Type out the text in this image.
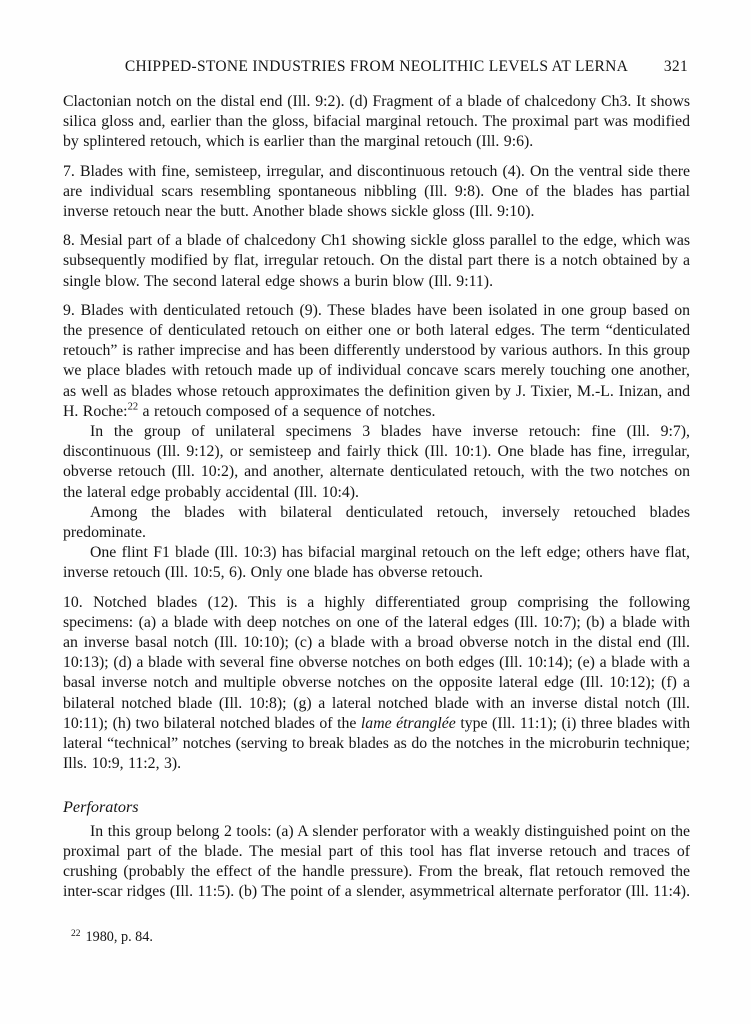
CHIPPED-STONE INDUSTRIES FROM NEOLITHIC LEVELS AT LERNA 321

Clactonian notch on the distal end (Ill. 9:2). (d) Fragment of a blade of chalcedony Ch3. It shows silica gloss and, earlier than the gloss, bifacial marginal retouch. The proximal part was modified by splintered retouch, which is earlier than the marginal retouch (Ill. 9:6).

7. Blades with fine, semisteep, irregular, and discontinuous retouch (4). On the ventral side there are individual scars resembling spontaneous nibbling (Ill. 9:8). One of the blades has partial inverse retouch near the butt. Another blade shows sickle gloss (Ill. 9:10).

8. Mesial part of a blade of chalcedony Ch1 showing sickle gloss parallel to the edge, which was subsequently modified by flat, irregular retouch. On the distal part there is a notch obtained by a single blow. The second lateral edge shows a burin blow (Ill. 9:11).

9. Blades with denticulated retouch (9). These blades have been isolated in one group based on the presence of denticulated retouch on either one or both lateral edges. The term “denticulated retouch” is rather imprecise and has been differently understood by various authors. In this group we place blades with retouch made up of individual concave scars merely touching one another, as well as blades whose retouch approximates the definition given by J. Tixier, M.-L. Inizan, and H. Roche:$^{22}$ a retouch composed of a sequence of notches.

In the group of unilateral specimens 3 blades have inverse retouch: fine (Ill. 9:7), discontinuous (Ill. 9:12), or semisteep and fairly thick (Ill. 10:1). One blade has fine, irregular, obverse retouch (Ill. 10:2), and another, alternate denticulated retouch, with the two notches on the lateral edge probably accidental (Ill. 10:4).

Among the blades with bilateral denticulated retouch, inversely retouched blades predominate.

One flint F1 blade (Ill. 10:3) has bifacial marginal retouch on the left edge; others have flat, inverse retouch (Ill. 10:5, 6). Only one blade has obverse retouch.

10. Notched blades (12). This is a highly differentiated group comprising the following specimens: (a) a blade with deep notches on one of the lateral edges (Ill. 10:7); (b) a blade with an inverse basal notch (Ill. 10:10); (c) a blade with a broad obverse notch in the distal end (Ill. 10:13); (d) a blade with several fine obverse notches on both edges (Ill. 10:14); (e) a blade with a basal inverse notch and multiple obverse notches on the opposite lateral edge (Ill. 10:12); (f) a bilateral notched blade (Ill. 10:8); (g) a lateral notched blade with an inverse distal notch (Ill. 10:11); (h) two bilateral notched blades of the lame étranglée type (Ill. 11:1); (i) three blades with lateral “technical” notches (serving to break blades as do the notches in the microburin technique; Ills. 10:9, 11:2, 3).

Perforators

In this group belong 2 tools: (a) A slender perforator with a weakly distinguished point on the proximal part of the blade. The mesial part of this tool has flat inverse retouch and traces of crushing (probably the effect of the handle pressure). From the break, flat retouch removed the inter-scar ridges (Ill. 11:5). (b) The point of a slender, asymmetrical alternate perforator (Ill. 11:4).

$^{22}$ 1980, p. 84.
